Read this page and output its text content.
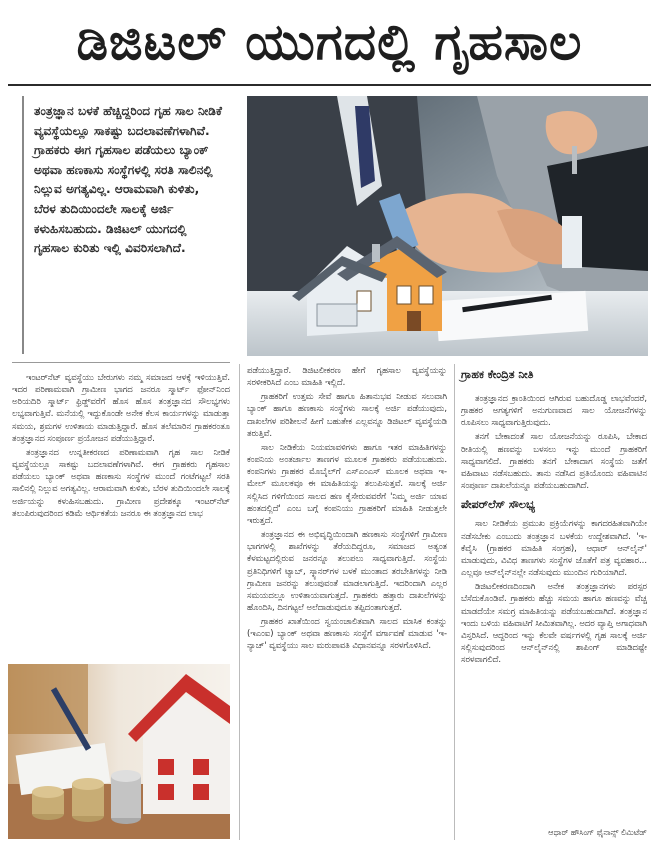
ಡಿಜಿಟಲ್ ಯುಗದಲ್ಲಿ ಗೃಹಸಾಲ
ತಂತ್ರಜ್ಞಾನ ಬಳಕೆ ಹೆಚ್ಚಿದ್ದರಿಂದ ಗೃಹ ಸಾಲ ನೀಡಿಕೆ ವ್ಯವಸ್ಥೆಯಲ್ಲೂ ಸಾಕಷ್ಟು ಬದಲಾವಣೆಗಳಾಗಿವೆ. ಗ್ರಾಹಕರು ಈಗ ಗೃಹಸಾಲ ಪಡೆಯಲು ಬ್ಯಾಂಕ್ ಅಥವಾ ಹಣಕಾಸು ಸಂಸ್ಥೆಗಳಲ್ಲಿ ಸರತಿ ಸಾಲಿನಲ್ಲಿ ನಿಲ್ಲುವ ಅಗತ್ಯವಿಲ್ಲ. ಆರಾಮವಾಗಿ ಕುಳಿತು, ಬೆರಳ ತುದಿಯಿಂದಲೇ ಸಾಲಕ್ಕೆ ಅರ್ಜಿ ಕಳುಹಿಸಬಹುದು. ಡಿಜಿಟಲ್ ಯುಗದಲ್ಲಿ ಗೃಹಸಾಲ ಕುರಿತು ಇಲ್ಲಿ ವಿವರಿಸಲಾಗಿದೆ.

ಇಂಟರ್‌ನೆಟ್ ವ್ಯವಸ್ಥೆಯು ಬೇರುಗಳು ನಮ್ಮ ಸಮಾಜದ ಆಳಕ್ಕೆ ಇಳಿಯುತ್ತಿವೆ. ಇದರ ಪರಿಣಾಮವಾಗಿ ಗ್ರಾಮೀಣ ಭಾಗದ ಜನರೂ ಸ್ಮಾರ್ಟ್ ಫೋನ್‌ನಿಂದ ಅರಿಯದಿರಿ ಸ್ಮಾರ್ಟ್ ಫ್ರಿಡ್ಜ್‌ವರೆಗೆ ಹೊಸ ಹೊಸ ತಂತ್ರಜ್ಞಾನದ ಸೌಲಭ್ಯಗಳು ಲಭ್ಯವಾಗುತ್ತಿವೆ. ಮನೆಯಲ್ಲಿ ಇದ್ದುಕೊಂಡೇ ಅನೇಕ ಕೆಲಸ ಕಾರ್ಯಗಳನ್ನು ಮಾಡುತ್ತಾ ಸಮಯ, ಶ್ರಮಗಳ ಉಳಿತಾಯ ಮಾಡುತ್ತಿದ್ದಾರೆ. ಹೊಸ ತಲೆಮಾರಿನ ಗ್ರಾಹಕರಂತೂ ತಂತ್ರಜ್ಞಾನದ ಸಂಪೂರ್ಣ ಪ್ರಯೋಜನ ಪಡೆಯುತ್ತಿದ್ದಾರೆ.

ತಂತ್ರಜ್ಞಾನದ ಉನ್ನತೀಕರಣದ ಪರಿಣಾಮವಾಗಿ ಗೃಹ ಸಾಲ ನೀಡಿಕೆ ವ್ಯವಸ್ಥೆಯಲ್ಲೂ ಸಾಕಷ್ಟು ಬದಲಾವಣೆಗಳಾಗಿವೆ. ಈಗ ಗ್ರಾಹಕರು ಗೃಹಸಾಲ ಪಡೆಯಲು ಬ್ಯಾಂಕ್ ಅಥವಾ ಹಣಕಾಸು ಸಂಸ್ಥೆಗಳ ಮುಂದೆ ಗಂಟೆಗಟ್ಟಲೆ ಸರತಿ ಸಾಲಿನಲ್ಲಿ ನಿಲ್ಲುವ ಅಗತ್ಯವಿಲ್ಲ. ಆರಾಮವಾಗಿ ಕುಳಿತು, ಬೆರಳ ತುದಿಯಿಂದಲೇ ಸಾಲಕ್ಕೆ ಅರ್ಜಿಯನ್ನು ಕಳುಹಿಸಬಹುದು. ಗ್ರಾಮೀಣ ಪ್ರದೇಶಕ್ಕೂ ಇಂಟರ್‌ನೆಟ್ ತಲುಪಿರುವುದರಿಂದ ಕಡಿಮೆ ಆರ್ಥಿಕತೆಯ ಜನರೂ ಈ ತಂತ್ರಜ್ಞಾನದ ಲಾಭ

ಪಡೆಯುತ್ತಿದ್ದಾರೆ. ಡಿಜಿಟಲೀಕರಣ ಹೇಗೆ ಗೃಹಸಾಲ ವ್ಯವಸ್ಥೆಯನ್ನು ಸರಳೀಕರಿಸಿದೆ ಎಂಬ ಮಾಹಿತಿ ಇಲ್ಲಿದೆ.

ಗ್ರಾಹಕರಿಗೆ ಉತ್ತಮ ಸೇವೆ ಹಾಗೂ ಹಿತಾನುಭವ ನೀಡುವ ಸಲುವಾಗಿ ಬ್ಯಾಂಕ್ ಹಾಗೂ ಹಣಕಾಸು ಸಂಸ್ಥೆಗಳು ಸಾಲಕ್ಕೆ ಅರ್ಜಿ ಪಡೆಯುವುದು, ದಾಖಲೆಗಳ ಪರಿಶೀಲನೆ ಹೀಗೆ ಬಹುತೇಕ ಎಲ್ಲವನ್ನೂ ಡಿಜಿಟಲ್ ವ್ಯವಸ್ಥೆಯಡಿ ತರುತ್ತಿವೆ.

ಸಾಲ ನೀಡಿಕೆಯ ನಿಯಮಾವಳಿಗಳು ಹಾಗೂ ಇತರ ಮಾಹಿತಿಗಳನ್ನು ಕಂಪನಿಯ ಅಂತರ್ಜಾಲ ತಾಣಗಳ ಮೂಲಕ ಗ್ರಾಹಕರು ಪಡೆಯಬಹುದು. ಕಂಪನಿಗಳು ಗ್ರಾಹಕರ ಮೊಬೈಲ್‌ಗೆ ಎಸ್‌ಎಂಎಸ್ ಮೂಲಕ ಅಥವಾ ಇ-ಮೇಲ್ ಮೂಲಕವೂ ಈ ಮಾಹಿತಿಯನ್ನು ತಲುಪಿಸುತ್ತವೆ. ಸಾಲಕ್ಕೆ ಅರ್ಜಿ ಸಲ್ಲಿಸಿದ ಗಳಿಗೆಯಿಂದ ಸಾಲದ ಹಣ ಕೈಸೇರುವವರೆಗೆ 'ನಿಮ್ಮ ಅರ್ಜಿ ಯಾವ ಹಂತದಲ್ಲಿದೆ' ಎಂಬ ಬಗ್ಗೆ ಕಂಪನಿಯು ಗ್ರಾಹಕರಿಗೆ ಮಾಹಿತಿ ನೀಡುತ್ತಲೇ ಇರುತ್ತದೆ.

ತಂತ್ರಜ್ಞಾನದ ಈ ಅಭಿವೃದ್ಧಿಯಿಂದಾಗಿ ಹಣಕಾಸು ಸಂಸ್ಥೆಗಳಿಗೆ ಗ್ರಾಮೀಣ ಭಾಗಗಳಲ್ಲಿ ಶಾಖೆಗಳನ್ನು ತೆರೆಯದಿದ್ದರೂ, ಸಮಾಜದ ಅತ್ಯಂತ ಕೆಳಮಟ್ಟದಲ್ಲಿರುವ ಜನರನ್ನೂ ತಲುಪಲು ಸಾಧ್ಯವಾಗುತ್ತಿದೆ. ಸಂಸ್ಥೆಯ ಪ್ರತಿನಿಧಿಗಳಿಗೆ ಟ್ಯಾಬ್, ಸ್ಕ್ಯಾನರ್‌ಗಳ ಬಳಕೆ ಮುಂತಾದ ತರಬೇತಿಗಳನ್ನು ನೀಡಿ ಗ್ರಾಮೀಣ ಜನರನ್ನು ತಲುಪುವಂತೆ ಮಾಡಲಾಗುತ್ತಿದೆ. ಇದರಿಂದಾಗಿ ಎಲ್ಲರ ಸಮಯದಲ್ಲೂ ಉಳಿತಾಯವಾಗುತ್ತದೆ. ಗ್ರಾಹಕರು ಹತ್ತಾರು ದಾಖಲೆಗಳನ್ನು ಹೊಂದಿಸಿ, ದಿನಗಟ್ಟಲೆ ಅಲೆದಾಡುವುದೂ ತಪ್ಪಿದಂತಾಗುತ್ತದೆ.

ಗ್ರಾಹಕರ ಖಾತೆಯಿಂದ ಸ್ವಯಂಚಾಲಿತವಾಗಿ ಸಾಲದ ಮಾಸಿಕ ಕಂತನ್ನು (ಇಎಂಐ) ಬ್ಯಾಂಕ್ ಅಥವಾ ಹಣಕಾಸು ಸಂಸ್ಥೆಗೆ ವರ್ಗಾವಣೆ ಮಾಡುವ 'ಇ-ನ್ಯಾಚ್' ವ್ಯವಸ್ಥೆಯು ಸಾಲ ಮರುಪಾವತಿ ವಿಧಾನವನ್ನೂ ಸರಳಗೊಳಿಸಿದೆ.

ಗ್ರಾಹಕ ಕೇಂದ್ರಿತ ನೀತಿ

ತಂತ್ರಜ್ಞಾನದ ಕ್ರಾಂತಿಯಿಂದ ಆಗಿರುವ ಬಹುದೊಡ್ಡ ಲಾಭವೆಂದರೆ, ಗ್ರಾಹಕರ ಅಗತ್ಯಗಳಿಗೆ ಅನುಗುಣವಾದ ಸಾಲ ಯೋಜನೆಗಳನ್ನು ರೂಪಿಸಲು ಸಾಧ್ಯವಾಗುತ್ತಿರುವುದು.

ತನಗೆ ಬೇಕಾದಂತೆ ಸಾಲ ಯೋಜನೆಯನ್ನು ರೂಪಿಸಿ, ಬೇಕಾದ ರೀತಿಯಲ್ಲಿ ಹಣವನ್ನು ಬಳಸಲು ಇನ್ನು ಮುಂದೆ ಗ್ರಾಹಕರಿಗೆ ಸಾಧ್ಯವಾಗಲಿದೆ. ಗ್ರಾಹಕರು ತನಗೆ ಬೇಕಾದಾಗ ಸಂಸ್ಥೆಯ ಜತೆಗೆ ವಹಿವಾಟು ನಡೆಸಬಹುದು. ತಾನು ನಡೆಸಿದ ಪ್ರತಿಯೊಂದು ವಹಿವಾಟಿನ ಸಂಪೂರ್ಣ ದಾಖಲೆಯನ್ನೂ ಪಡೆಯಬಹುದಾಗಿದೆ.

ಪೇಪರ್‌ಲೆಸ್ ಸೌಲಭ್ಯ

ಸಾಲ ನೀಡಿಕೆಯ ಪ್ರಮುಖ ಪ್ರಕ್ರಿಯೆಗಳನ್ನು ಕಾಗದರಹಿತವಾಗಿಯೇ ನಡೆಸಬೇಕು ಎಂಬುದು ತಂತ್ರಜ್ಞಾನ ಬಳಕೆಯ ಉದ್ದೇಶವಾಗಿದೆ. 'ಇ- ಕೆವೈಸಿ (ಗ್ರಾಹಕರ ಮಾಹಿತಿ ಸಂಗ್ರಹ), ಆಧಾರ್ ಆನ್‌ಲೈನ್' ಮಾಡುವುದು, ವಿವಿಧ ತಾಣಗಳು ಸಂಸ್ಥೆಗಳ ಜೊತೆಗೆ ಪತ್ರ ವ್ಯವಹಾರ... ಎಲ್ಲವೂ ಆನ್‌ಲೈನ್‌ನಲ್ಲೇ ನಡೆಸುವುದು ಮುಂದಿನ ಗುರಿಯಾಗಿದೆ.

ಡಿಜಿಟಲೀಕರಣದಿಂದಾಗಿ ಅನೇಕ ತಂತ್ರಜ್ಞಾನಗಳು ಪರಸ್ಪರ ಬೆಸೆದುಕೊಂಡಿವೆ. ಗ್ರಾಹಕರು ಹೆಚ್ಚು ಸಮಯ ಹಾಗೂ ಹಣವನ್ನು ವೆಚ್ಚ ಮಾಡದೆಯೇ ಸಮಗ್ರ ಮಾಹಿತಿಯನ್ನು ಪಡೆಯಬಹುದಾಗಿದೆ. ತಂತ್ರಜ್ಞಾನ ಇಂದು ಬಳಿಯ ವಹಿವಾಟಿಗೆ ಸೀಮಿತವಾಗಿಲ್ಲ. ಅದರ ವ್ಯಾಪ್ತಿ ಅಗಾಧವಾಗಿ ವಿಸ್ತರಿಸಿದೆ. ಆದ್ದರಿಂದ ಇನ್ನು ಕೆಲವೇ ವರ್ಷಗಳಲ್ಲಿ ಗೃಹ ಸಾಲಕ್ಕೆ ಅರ್ಜಿ ಸಲ್ಲಿಸುವುದರಿಂದ ಆನ್‌ಲೈನ್‌ನಲ್ಲಿ ಶಾಪಿಂಗ್ ಮಾಡಿದಷ್ಟೇ ಸರಳವಾಗಲಿದೆ.

ಆಧಾರ್ ಹೌಸಿಂಗ್ ಫೈನಾನ್ಸ್ ಲಿಮಿಟೆಡ್
